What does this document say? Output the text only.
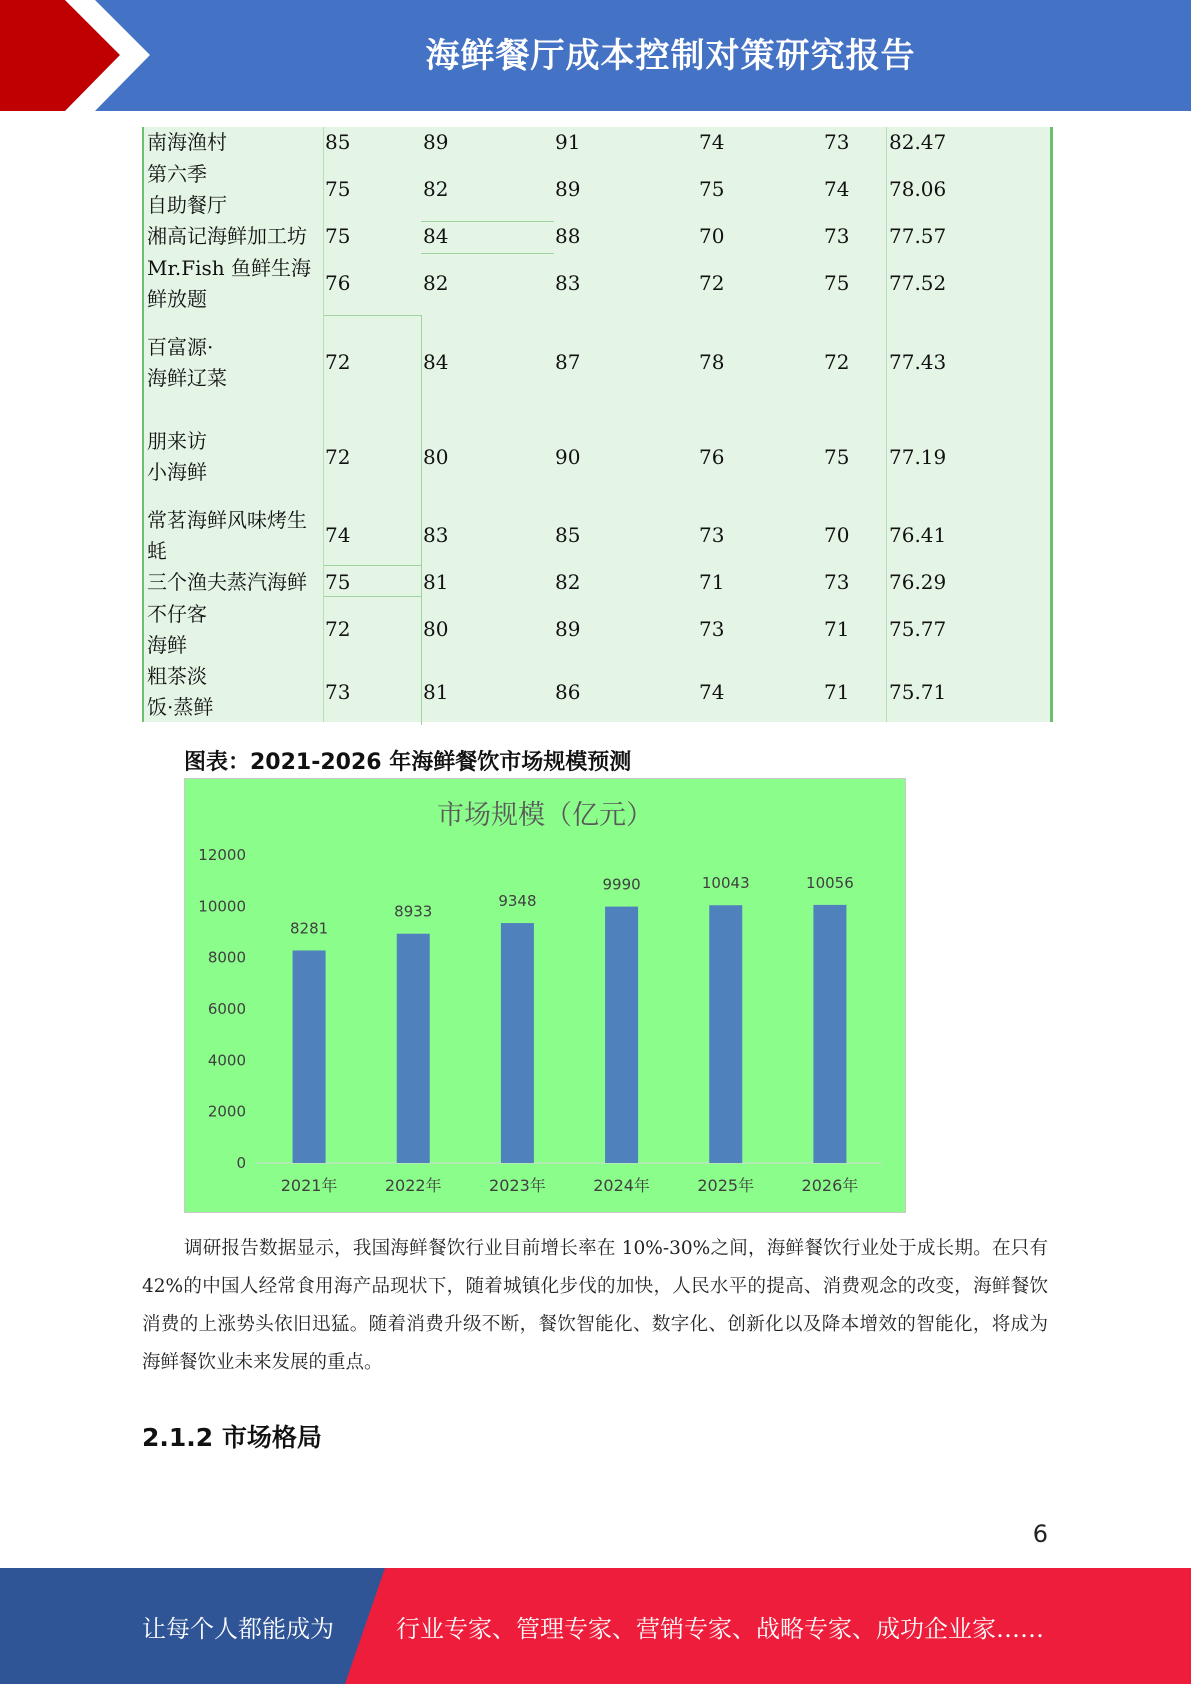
海鲜餐厅成本控制对策研究报告
南海渔村	85	89	91	74	73 82.47
第六季
自助餐厅
75	82	89	75	74 78.06
湘高记海鲜加工坊 75	84	88	70	73 77.57
Mr.Fish 鱼鲜生海
鲜放题
76	82	83	72	75 77.52
百富源·
海鲜辽菜
72	84	87	78	72 77.43
朋来访
小海鲜
72	80	90	76	75 77.19
常茗海鲜风味烤生
蚝
74	83	85	73	70 76.41
三个渔夫蒸汽海鲜 75	81	82	71	73 76.29
不仔客
海鲜
72	80	89	73	71 75.77
粗茶淡
饭·蒸鲜
73	81	86	74	71 75.71
图表：2021-2026 年海鲜餐饮市场规模预测
市场规模（亿元）
0
2000
4000
6000
8000
10000
12000
8281
2021年
8933
2022年
9348
2023年
9990
2024年
10043
2025年
10056
2026年
调研报告数据显示，我国海鲜餐饮行业目前增长率在 10%-30%之间，海鲜餐饮行业处于成长期。在只有 42%的中国人经常食用海产品现状下，随着城镇化步伐的加快，人民水平的提高、消费观念的改变，海鲜餐饮消费的上涨势头依旧迅猛。随着消费升级不断，餐饮智能化、数字化、创新化以及降本增效的智能化，将成为海鲜餐饮业未来发展的重点。
2.1.2 市场格局
6
让每个人都能成为	行业专家、管理专家、营销专家、战略专家、成功企业家……
